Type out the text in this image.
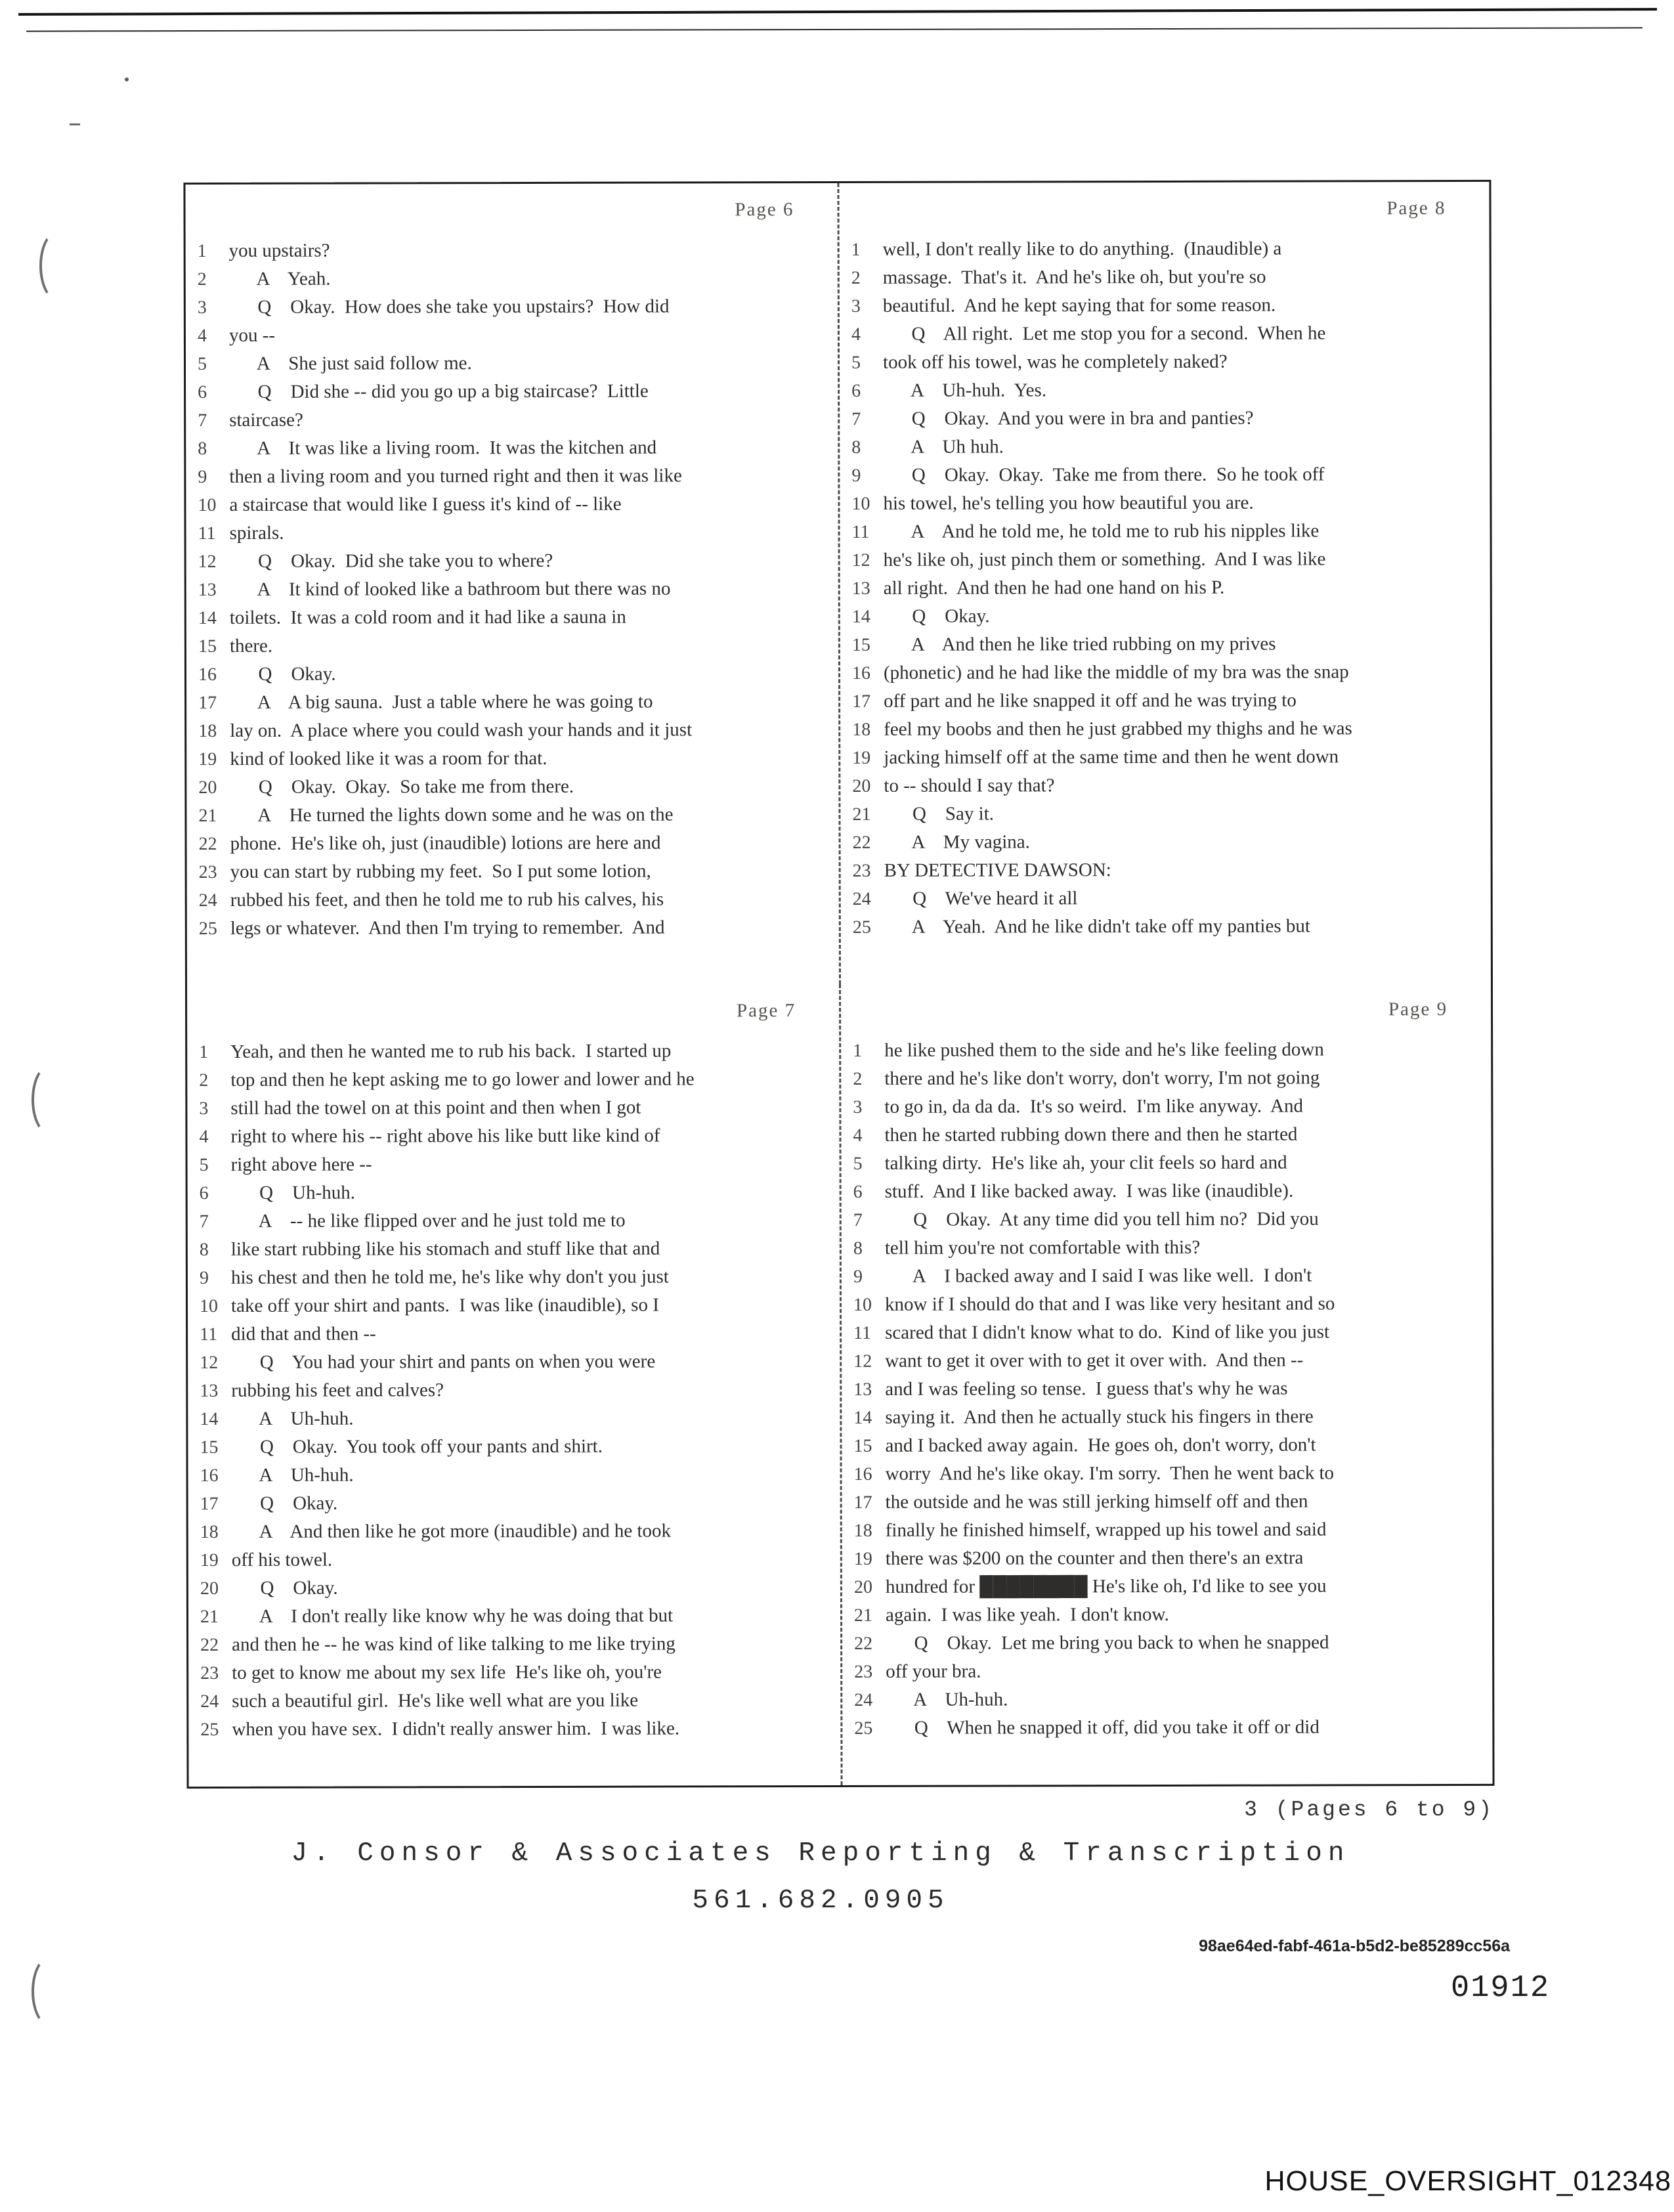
Page 6
1	you upstairs?
2	A    Yeah.
3	Q    Okay.  How does she take you upstairs?  How did
4	you --
5	A    She just said follow me.
6	Q    Did she -- did you go up a big staircase?  Little
7	staircase?
8	A    It was like a living room.  It was the kitchen and
9	then a living room and you turned right and then it was like
10 a staircase that would like I guess it's kind of -- like
11 spirals.
12 Q    Okay.  Did she take you to where?
13 A    It kind of looked like a bathroom but there was no
14 toilets.  It was a cold room and it had like a sauna in
15 there.
16 Q    Okay.
17 A    A big sauna.  Just a table where he was going to
18 lay on.  A place where you could wash your hands and it just
19 kind of looked like it was a room for that.
20 Q    Okay.  Okay.  So take me from there.
21 A    He turned the lights down some and he was on the
22 phone.  He's like oh, just (inaudible) lotions are here and
23 you can start by rubbing my feet.  So I put some lotion,
24 rubbed his feet, and then he told me to rub his calves, his
25 legs or whatever.  And then I'm trying to remember.  And
Page 8
1	well, I don't really like to do anything.  (Inaudible) a
2	massage.  That's it.  And he's like oh, but you're so
3	beautiful.  And he kept saying that for some reason.
4	Q    All right.  Let me stop you for a second.  When he
5	took off his towel, was he completely naked?
6	A    Uh-huh.  Yes.
7	Q    Okay.  And you were in bra and panties?
8	A    Uh huh.
9	Q    Okay.  Okay.  Take me from there.  So he took off
10 his towel, he's telling you how beautiful you are.
11 A    And he told me, he told me to rub his nipples like
12 he's like oh, just pinch them or something.  And I was like
13 all right.  And then he had one hand on his P.
14 Q    Okay.
15 A    And then he like tried rubbing on my prives
16 (phonetic) and he had like the middle of my bra was the snap
17 off part and he like snapped it off and he was trying to
18 feel my boobs and then he just grabbed my thighs and he was
19 jacking himself off at the same time and then he went down
20 to -- should I say that?
21 Q    Say it.
22 A    My vagina.
23 BY DETECTIVE DAWSON:
24 Q    We've heard it all
25 A    Yeah.  And he like didn't take off my panties but
Page 7
1	Yeah, and then he wanted me to rub his back.  I started up
2	top and then he kept asking me to go lower and lower and he
3	still had the towel on at this point and then when I got
4	right to where his -- right above his like butt like kind of
5	right above here --
6	Q    Uh-huh.
7	A    -- he like flipped over and he just told me to
8	like start rubbing like his stomach and stuff like that and
9	his chest and then he told me, he's like why don't you just
10 take off your shirt and pants.  I was like (inaudible), so I
11 did that and then --
12 Q    You had your shirt and pants on when you were
13 rubbing his feet and calves?
14 A    Uh-huh.
15 Q    Okay.  You took off your pants and shirt.
16 A    Uh-huh.
17 Q    Okay.
18 A    And then like he got more (inaudible) and he took
19 off his towel.
20 Q    Okay.
21 A    I don't really like know why he was doing that but
22 and then he -- he was kind of like talking to me like trying
23 to get to know me about my sex life  He's like oh, you're
24 such a beautiful girl.  He's like well what are you like
25 when you have sex.  I didn't really answer him.  I was like.
Page 9
1	he like pushed them to the side and he's like feeling down
2	there and he's like don't worry, don't worry, I'm not going
3	to go in, da da da.  It's so weird.  I'm like anyway.  And
4	then he started rubbing down there and then he started
5	talking dirty.  He's like ah, your clit feels so hard and
6	stuff.  And I like backed away.  I was like (inaudible).
7	Q    Okay.  At any time did you tell him no?  Did you
8	tell him you're not comfortable with this?
9	A    I backed away and I said I was like well.  I don't
10 know if I should do that and I was like very hesitant and so
11 scared that I didn't know what to do.  Kind of like you just
12 want to get it over with to get it over with.  And then --
13 and I was feeling so tense.  I guess that's why he was
14 saying it.  And then he actually stuck his fingers in there
15 and I backed away again.  He goes oh, don't worry, don't
16 worry  And he's like okay. I'm sorry.  Then he went back to
17 the outside and he was still jerking himself off and then
18 finally he finished himself, wrapped up his towel and said
19 there was $200 on the counter and then there's an extra
20 hundred for ████████ He's like oh, I'd like to see you
21 again.  I was like yeah.  I don't know.
22 Q    Okay.  Let me bring you back to when he snapped
23 off your bra.
24 A    Uh-huh.
25 Q    When he snapped it off, did you take it off or did
3 (Pages 6 to 9)
J. Consor & Associates Reporting & Transcription
561.682.0905
98ae64ed-fabf-461a-b5d2-be85289cc56a
01912
HOUSE_OVERSIGHT_012348
